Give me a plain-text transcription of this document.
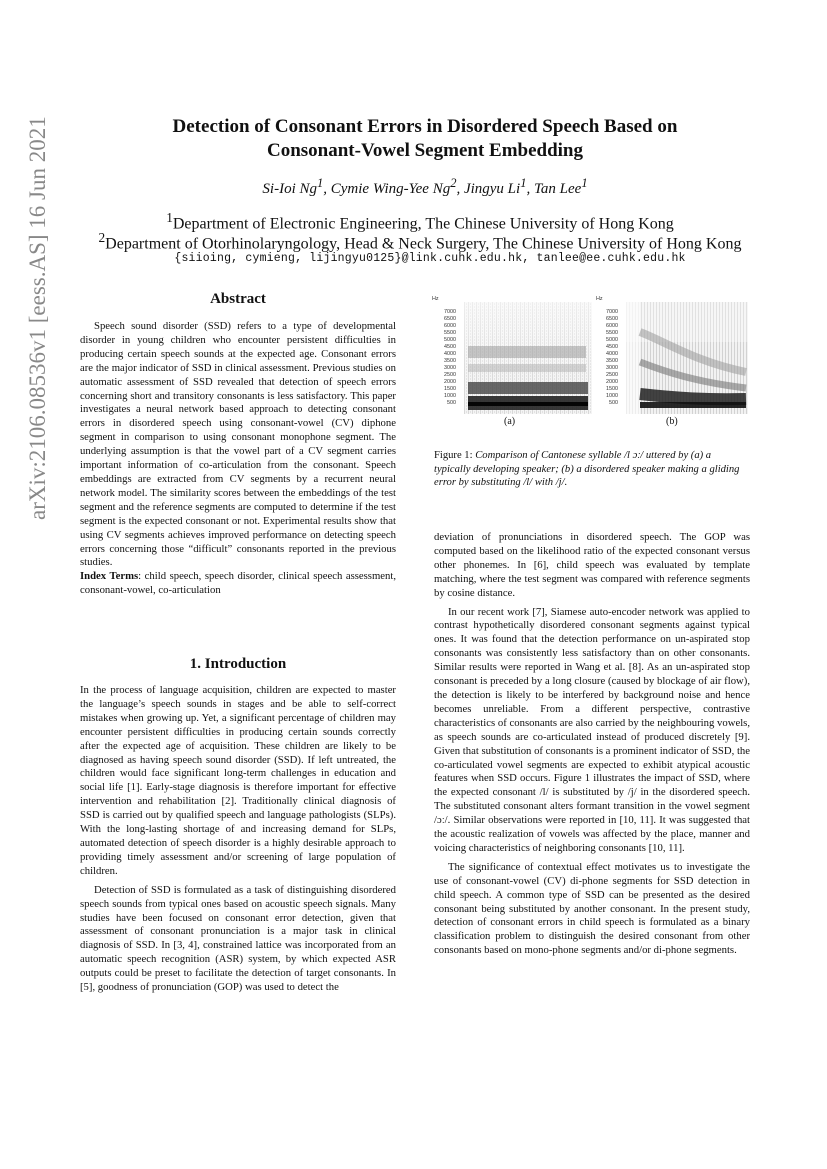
Detection of Consonant Errors in Disordered Speech Based on
Consonant-Vowel Segment Embedding
Si-Ioi Ng$^1$, Cymie Wing-Yee Ng$^2$, Jingyu Li$^1$, Tan Lee$^1$
$^1$Department of Electronic Engineering, The Chinese University of Hong Kong
$^2$Department of Otorhinolaryngology, Head & Neck Surgery, The Chinese University of Hong Kong
{siioing, cymieng, lijingyu0125}@link.cuhk.edu.hk, tanlee@ee.cuhk.edu.hk
arXiv:2106.08536v1 [eess.AS] 16 Jun 2021	Abstract

Speech sound disorder (SSD) refers to a type of developmental disorder in young children who encounter persistent difficulties in producing certain speech sounds at the expected age. Consonant errors are the major indicator of SSD in clinical assessment. Previous studies on automatic assessment of SSD revealed that detection of speech errors concerning short and transitory consonants is less satisfactory. This paper investigates a neural network based approach to detecting consonant errors in disordered speech using consonant-vowel (CV) diphone segment in comparison to using consonant monophone segment. The underlying assumption is that the vowel part of a CV segment carries important information of co-articulation from the consonant. Speech embeddings are extracted from CV segments by a recurrent neural network model. The similarity scores between the embeddings of the test segment and the reference segments are computed to determine if the test segment is the expected consonant or not. Experimental results show that using CV segments achieves improved performance on detecting speech errors concerning those “difficult” consonants reported in the previous studies.

Index Terms: child speech, speech disorder, clinical speech assessment, consonant-vowel, co-articulation

1. Introduction

In the process of language acquisition, children are expected to master the language’s speech sounds in stages and be able to self-correct mistakes when growing up. Yet, a significant percentage of children may encounter persistent difficulties in producing certain sounds correctly after the expected age of acquisition. These children are likely to be diagnosed as having speech sound disorder (SSD). If left untreated, the children would face significant long-term challenges in education and social life [1]. Early-stage diagnosis is therefore important for effective intervention and rehabilitation [2]. Traditionally clinical diagnosis of SSD is carried out by qualified speech and language pathologists (SLPs). With the long-lasting shortage of and increasing demand for SLPs, automated detection of speech disorder is a highly desirable approach to providing timely assessment and/or screening of large population of children.

Detection of SSD is formulated as a task of distinguishing disordered speech sounds from typical ones based on acoustic speech signals. Many studies have been focused on consonant error detection, given that assessment of consonant pronunciation is a major task in clinical diagnosis of SSD. In [3, 4], constrained lattice was incorporated from an automatic speech recognition (ASR) system, by which expected ASR outputs could be preset to facilitate the detection of target consonants. In [5], goodness of pronunciation (GOP) was used to detect the

Hz
7000
6500
6000
5500
5000
4500
4000
3500
3000
2500
2000
1500
1000
500
(a)
Hz
7000
6500
6000
5500
5000
4500
4000
3500
3000
2500
2000
1500
1000
500
(b)
Figure 1: Comparison of Cantonese syllable /l ɔː/ uttered by (a) a typically developing speaker; (b) a disordered speaker making a gliding error by substituting /l/ with /j/.

deviation of pronunciations in disordered speech. The GOP was computed based on the likelihood ratio of the expected consonant versus other phonemes. In [6], child speech was evaluated by template matching, where the test segment was compared with reference segments by cosine distance.

In our recent work [7], Siamese auto-encoder network was applied to contrast hypothetically disordered consonant segments against typical ones. It was found that the detection performance on un-aspirated stop consonants was consistently less satisfactory than on other consonants. Similar results were reported in Wang et al. [8]. As an un-aspirated stop consonant is preceded by a long closure (caused by blockage of air flow), the detection is likely to be interfered by background noise and hence becomes unreliable. From a different perspective, contrastive characteristics of consonants are also carried by the neighbouring vowels, as speech sounds are co-articulated instead of produced discretely [9]. Given that substitution of consonants is a prominent indicator of SSD, the co-articulated vowel segments are expected to exhibit atypical acoustic features when SSD occurs. Figure 1 illustrates the impact of SSD, where the expected consonant /l/ is substituted by /j/ in the disordered speech. The substituted consonant alters formant transition in the vowel segment /ɔː/. Similar observations were reported in [10, 11]. It was suggested that the acoustic realization of vowels was affected by the place, manner and voicing characteristics of neighboring consonants [10, 11].

The significance of contextual effect motivates us to investigate the use of consonant-vowel (CV) di-phone segments for SSD detection in child speech. A common type of SSD can be presented as the desired consonant being substituted by another consonant. In the present study, detection of consonant errors in child speech is formulated as a binary classification problem to distinguish the desired consonant from other consonants based on mono-phone segments and/or di-phone segments.
